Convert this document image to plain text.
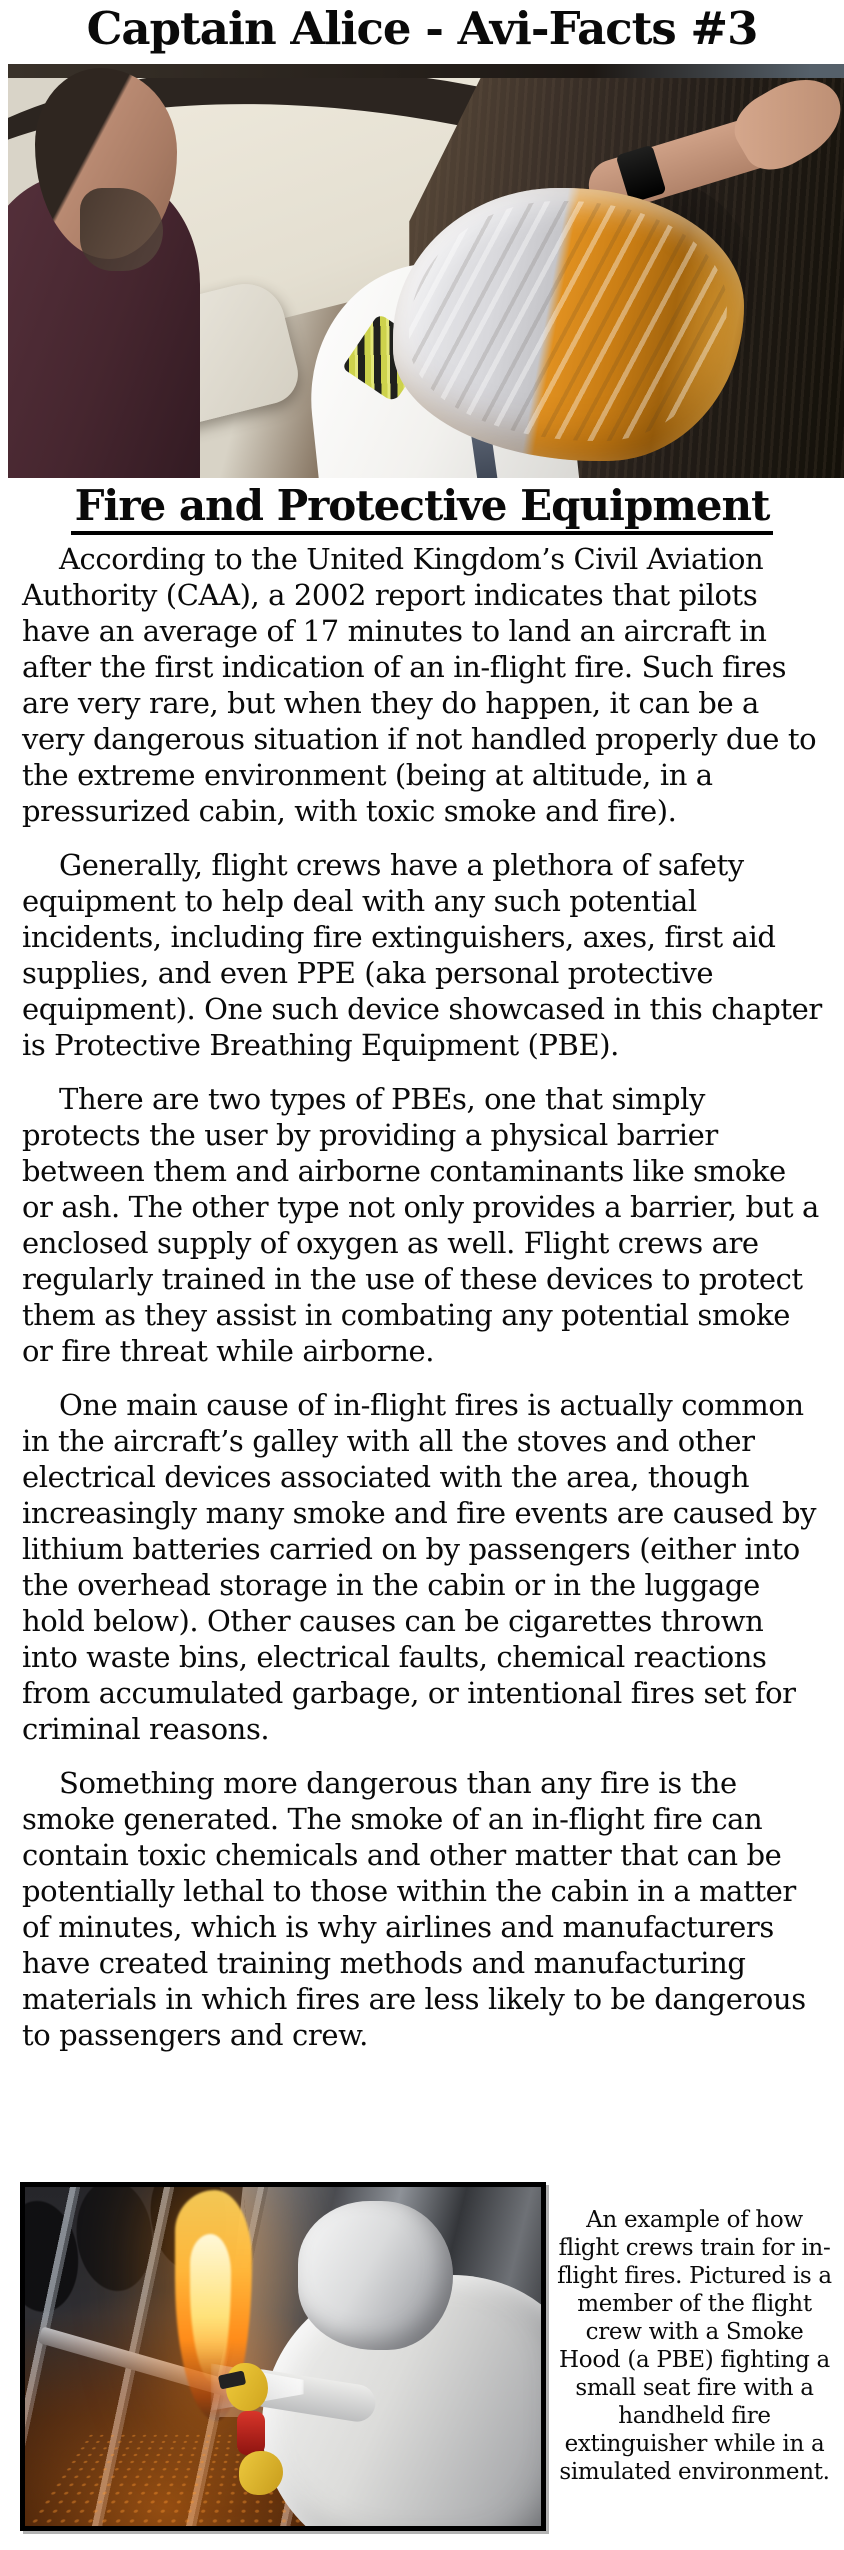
Captain Alice - Avi-Facts #3
Fire and Protective Equipment

According to the United Kingdom’s Civil Aviation Authority (CAA), a 2002 report indicates that pilots have an average of 17 minutes to land an aircraft in after the first indication of an in-flight fire. Such fires are very rare, but when they do happen, it can be a very dangerous situation if not handled properly due to the extreme environment (being at altitude, in a pressurized cabin, with toxic smoke and fire).

Generally, flight crews have a plethora of safety equipment to help deal with any such potential incidents, including fire extinguishers, axes, first aid supplies, and even PPE (aka personal protective equipment). One such device showcased in this chapter is Protective Breathing Equipment (PBE).

There are two types of PBEs, one that simply protects the user by providing a physical barrier between them and airborne contaminants like smoke or ash. The other type not only provides a barrier, but a enclosed supply of oxygen as well. Flight crews are regularly trained in the use of these devices to protect them as they assist in combating any potential smoke or fire threat while airborne.

One main cause of in-flight fires is actually common in the aircraft’s galley with all the stoves and other electrical devices associated with the area, though increasingly many smoke and fire events are caused by lithium batteries carried on by passengers (either into the overhead storage in the cabin or in the luggage hold below). Other causes can be cigarettes thrown into waste bins, electrical faults, chemical reactions from accumulated garbage, or intentional fires set for criminal reasons.

Something more dangerous than any fire is the smoke generated. The smoke of an in-flight fire can contain toxic chemicals and other matter that can be potentially lethal to those within the cabin in a matter of minutes, which is why airlines and manufacturers have created training methods and manufacturing materials in which fires are less likely to be dangerous to passengers and crew.

An example of how flight crews train for in-flight fires. Pictured is a member of the flight crew with a Smoke Hood (a PBE) fighting a small seat fire with a handheld fire extinguisher while in a simulated environment.
